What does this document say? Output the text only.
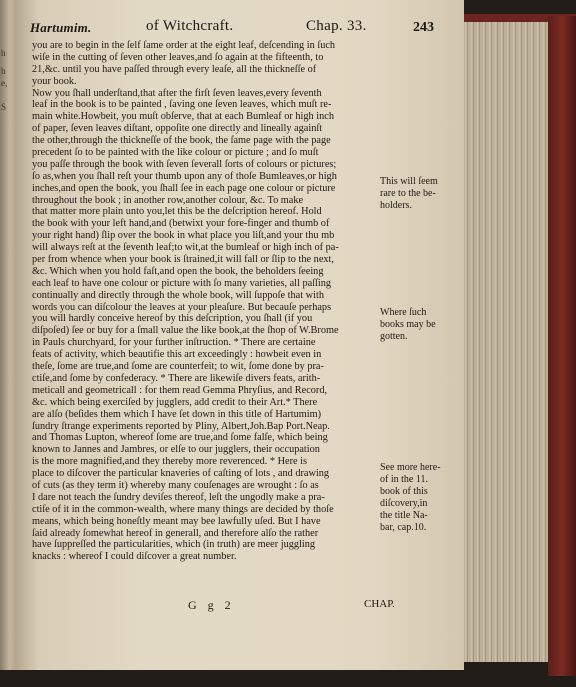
h
h
e,
S
Hartumim.	of Witchcraft.	Chap. 33.	243
you are to begin in the ſelf ſame order at the eight leaf, deſcending in ſuch
wiſe in the cutting of ſeven other leaves,and ſo again at the fifteenth, to
21,&c. until you have paſſed through every leaſe, all the thickneſſe of
your book.
Now you ſhall underſtand,that after the firſt ſeven leaves,every ſeventh
leaf in the book is to be painted , ſaving one ſeven leaves, which muſt re-
main white.Howbeit, you muſt obſerve, that at each Bumleaf or high inch
of paper, ſeven leaves diſtant, oppoſite one directly and lineally againſt
the other,through the thickneſſe of the book, the ſame page with the page
precedent ſo to be painted with the like colour or picture ; and ſo muſt
you paſſe through the book with ſeven ſeverall ſorts of colours or pictures;
ſo as,when you ſhall reſt your thumb upon any of thoſe Bumleaves,or high
inches,and open the book, you ſhall ſee in each page one colour or picture
throughout the book ; in another row,another colour, &c. To make
that matter more plain unto you,let this be the deſcription hereof. Hold
the book with your left hand,and (betwixt your fore-finger and thumb of
your right hand) ſlip over the book in what place you liſt,and your thu mb
will always reſt at the ſeventh leaf;to wit,at the bumleaf or high inch of pa-
per from whence when your book is ſtrained,it will fall or ſlip to the next,
&c. Which when you hold faſt,and open the book, the beholders ſeeing
each leaf to have one colour or picture with ſo many varieties, all paſſing
continually and directly through the whole book, will ſuppoſe that with
words you can diſcolour the leaves at your pleaſure. But becauſe perhaps
you will hardly conceive hereof by this deſcription, you ſhall (if you
diſpoſed) ſee or buy for a ſmall value the like book,at the ſhop of W.Brome
in Pauls churchyard, for your further inſtruction. * There are certaine
feats of activity, which beautifie this art exceedingly : howbeit even in
theſe, ſome are true,and ſome are counterfeit; to wit, ſome done by pra-
ctiſe,and ſome by confederacy. * There are likewiſe divers feats, arith-
meticall and geometricall : for them read Gemma Phryſius, and Record,
&c. which being exerciſed by jugglers, add credit to their Art.* There
are alſo (beſides them which I have ſet down in this title of Hartumim)
ſundry ſtrange experiments reported by Pliny, Albert,Joh.Bap Port.Neap.
and Thomas Lupton, whereof ſome are true,and ſome falſe, which being
known to Jannes and Jambres, or elſe to our jugglers, their occupation
is the more magnified,and they thereby more reverenced. * Here is
place to diſcover the particular knaveries of caſting of lots , and drawing
of cuts (as they term it) whereby many couſenages are wrought : ſo as
I dare not teach the ſundry deviſes thereof, leſt the ungodly make a pra-
ctiſe of it in the common-wealth, where many things are decided by thoſe
means, which being honeſtly meant may bee lawfully uſed. But I have
ſaid already ſomewhat hereof in generall, and therefore alſo the rather
have ſuppreſſed the particularities, which (in truth) are meer juggling
knacks : whereof I could diſcover a great number.
This will ſeem
rare to the be-
holders.
Where ſuch
books may be
gotten.
See more here-
of in the 11.
book of this
diſcovery,in
the title Na-
bar, cap.10.
G g 2	CHAP.
